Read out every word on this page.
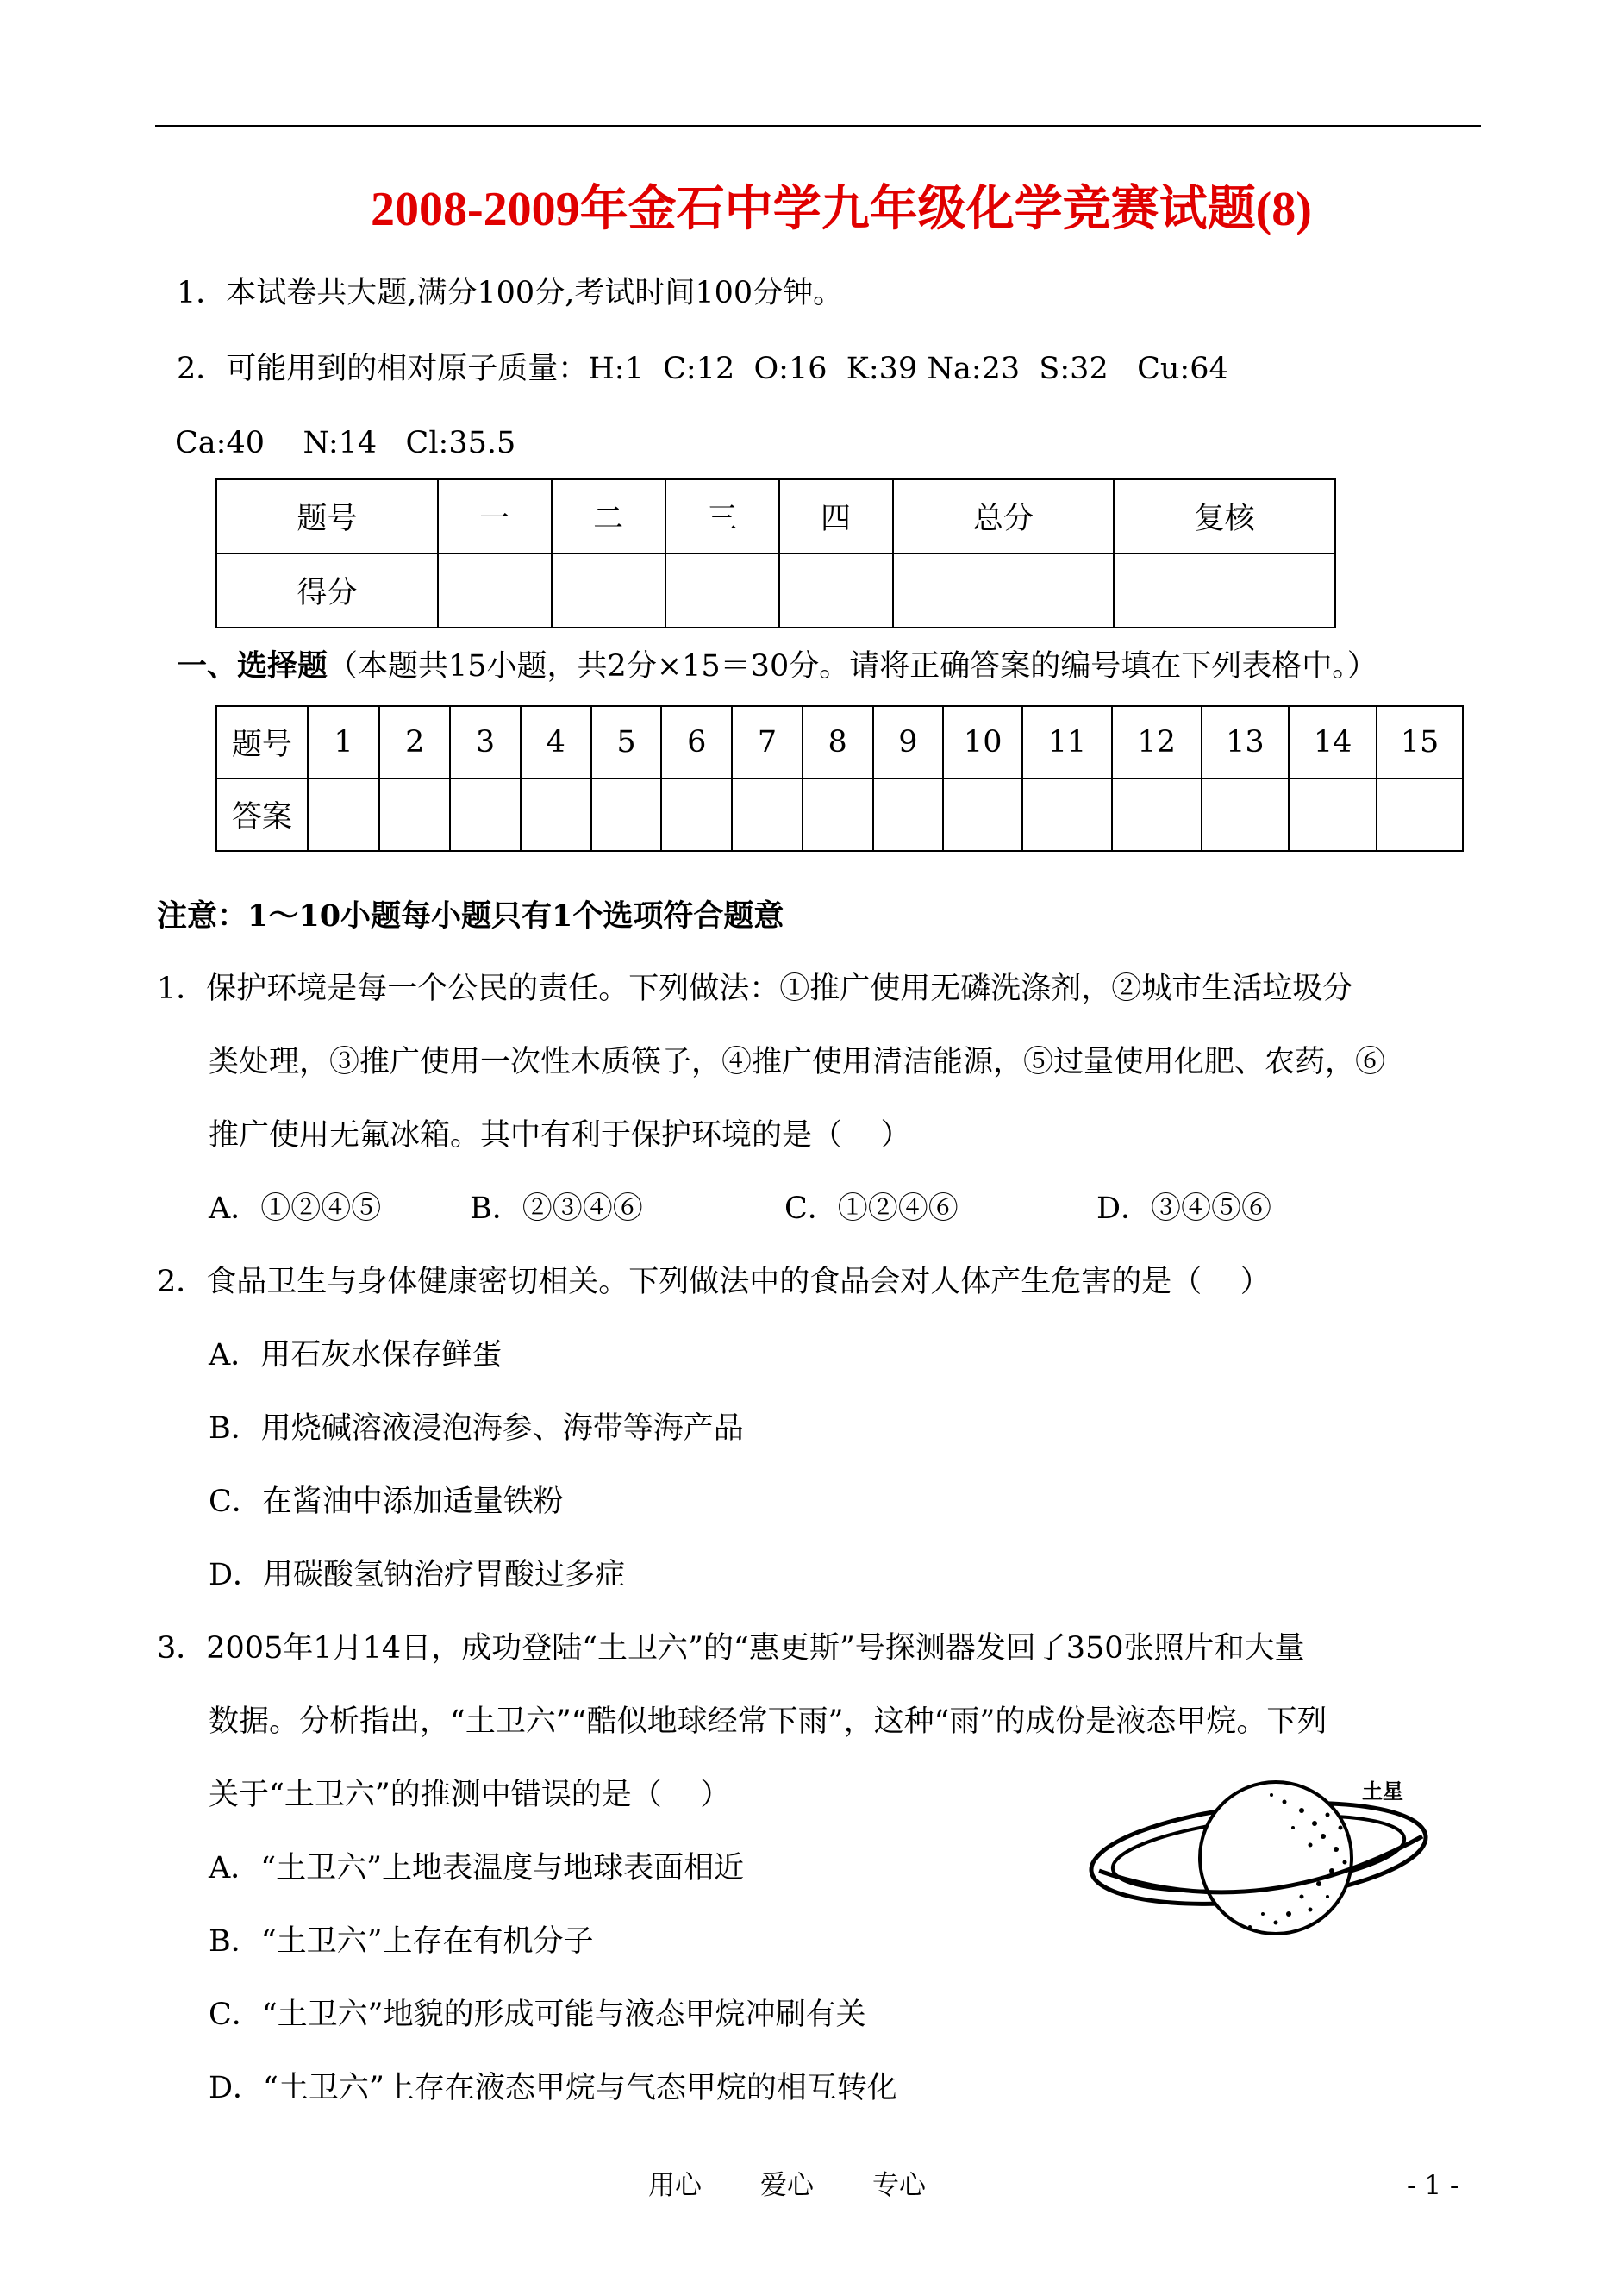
2008-2009年金石中学九年级化学竞赛试题(8)
1．本试卷共大题,满分100分,考试时间100分钟。
2．可能用到的相对原子质量：H:1  C:12  O:16  K:39 Na:23  S:32   Cu:64
Ca:40    N:14   Cl:35.5
题号	一	二	三	四	总分	复核
得分						
一、选择题（本题共15小题，共2分×15＝30分。请将正确答案的编号填在下列表格中。）
题号	1	2	3	4	5	6	7	8	9	10	11	12	13	14	15
答案															
注意：1～10小题每小题只有1个选项符合题意
1．保护环境是每一个公民的责任。下列做法：①推广使用无磷洗涤剂，②城市生活垃圾分
类处理，③推广使用一次性木质筷子，④推广使用清洁能源，⑤过量使用化肥、农药，⑥
推广使用无氟冰箱。其中有利于保护环境的是（    ）
A．①②④⑤	B．②③④⑥	C．①②④⑥	D．③④⑤⑥
2．食品卫生与身体健康密切相关。下列做法中的食品会对人体产生危害的是（    ）
A．用石灰水保存鲜蛋
B．用烧碱溶液浸泡海参、海带等海产品
C．在酱油中添加适量铁粉
D．用碳酸氢钠治疗胃酸过多症
3．2005年1月14日，成功登陆“土卫六”的“惠更斯”号探测器发回了350张照片和大量
数据。分析指出，“土卫六”“酷似地球经常下雨”，这种“雨”的成份是液态甲烷。下列
关于“土卫六”的推测中错误的是（    ）
A．“土卫六”上地表温度与地球表面相近
B．“土卫六”上存在有机分子
C．“土卫六”地貌的形成可能与液态甲烷冲刷有关
D．“土卫六”上存在液态甲烷与气态甲烷的相互转化
土星
用心 爱心 专心	- 1 -
